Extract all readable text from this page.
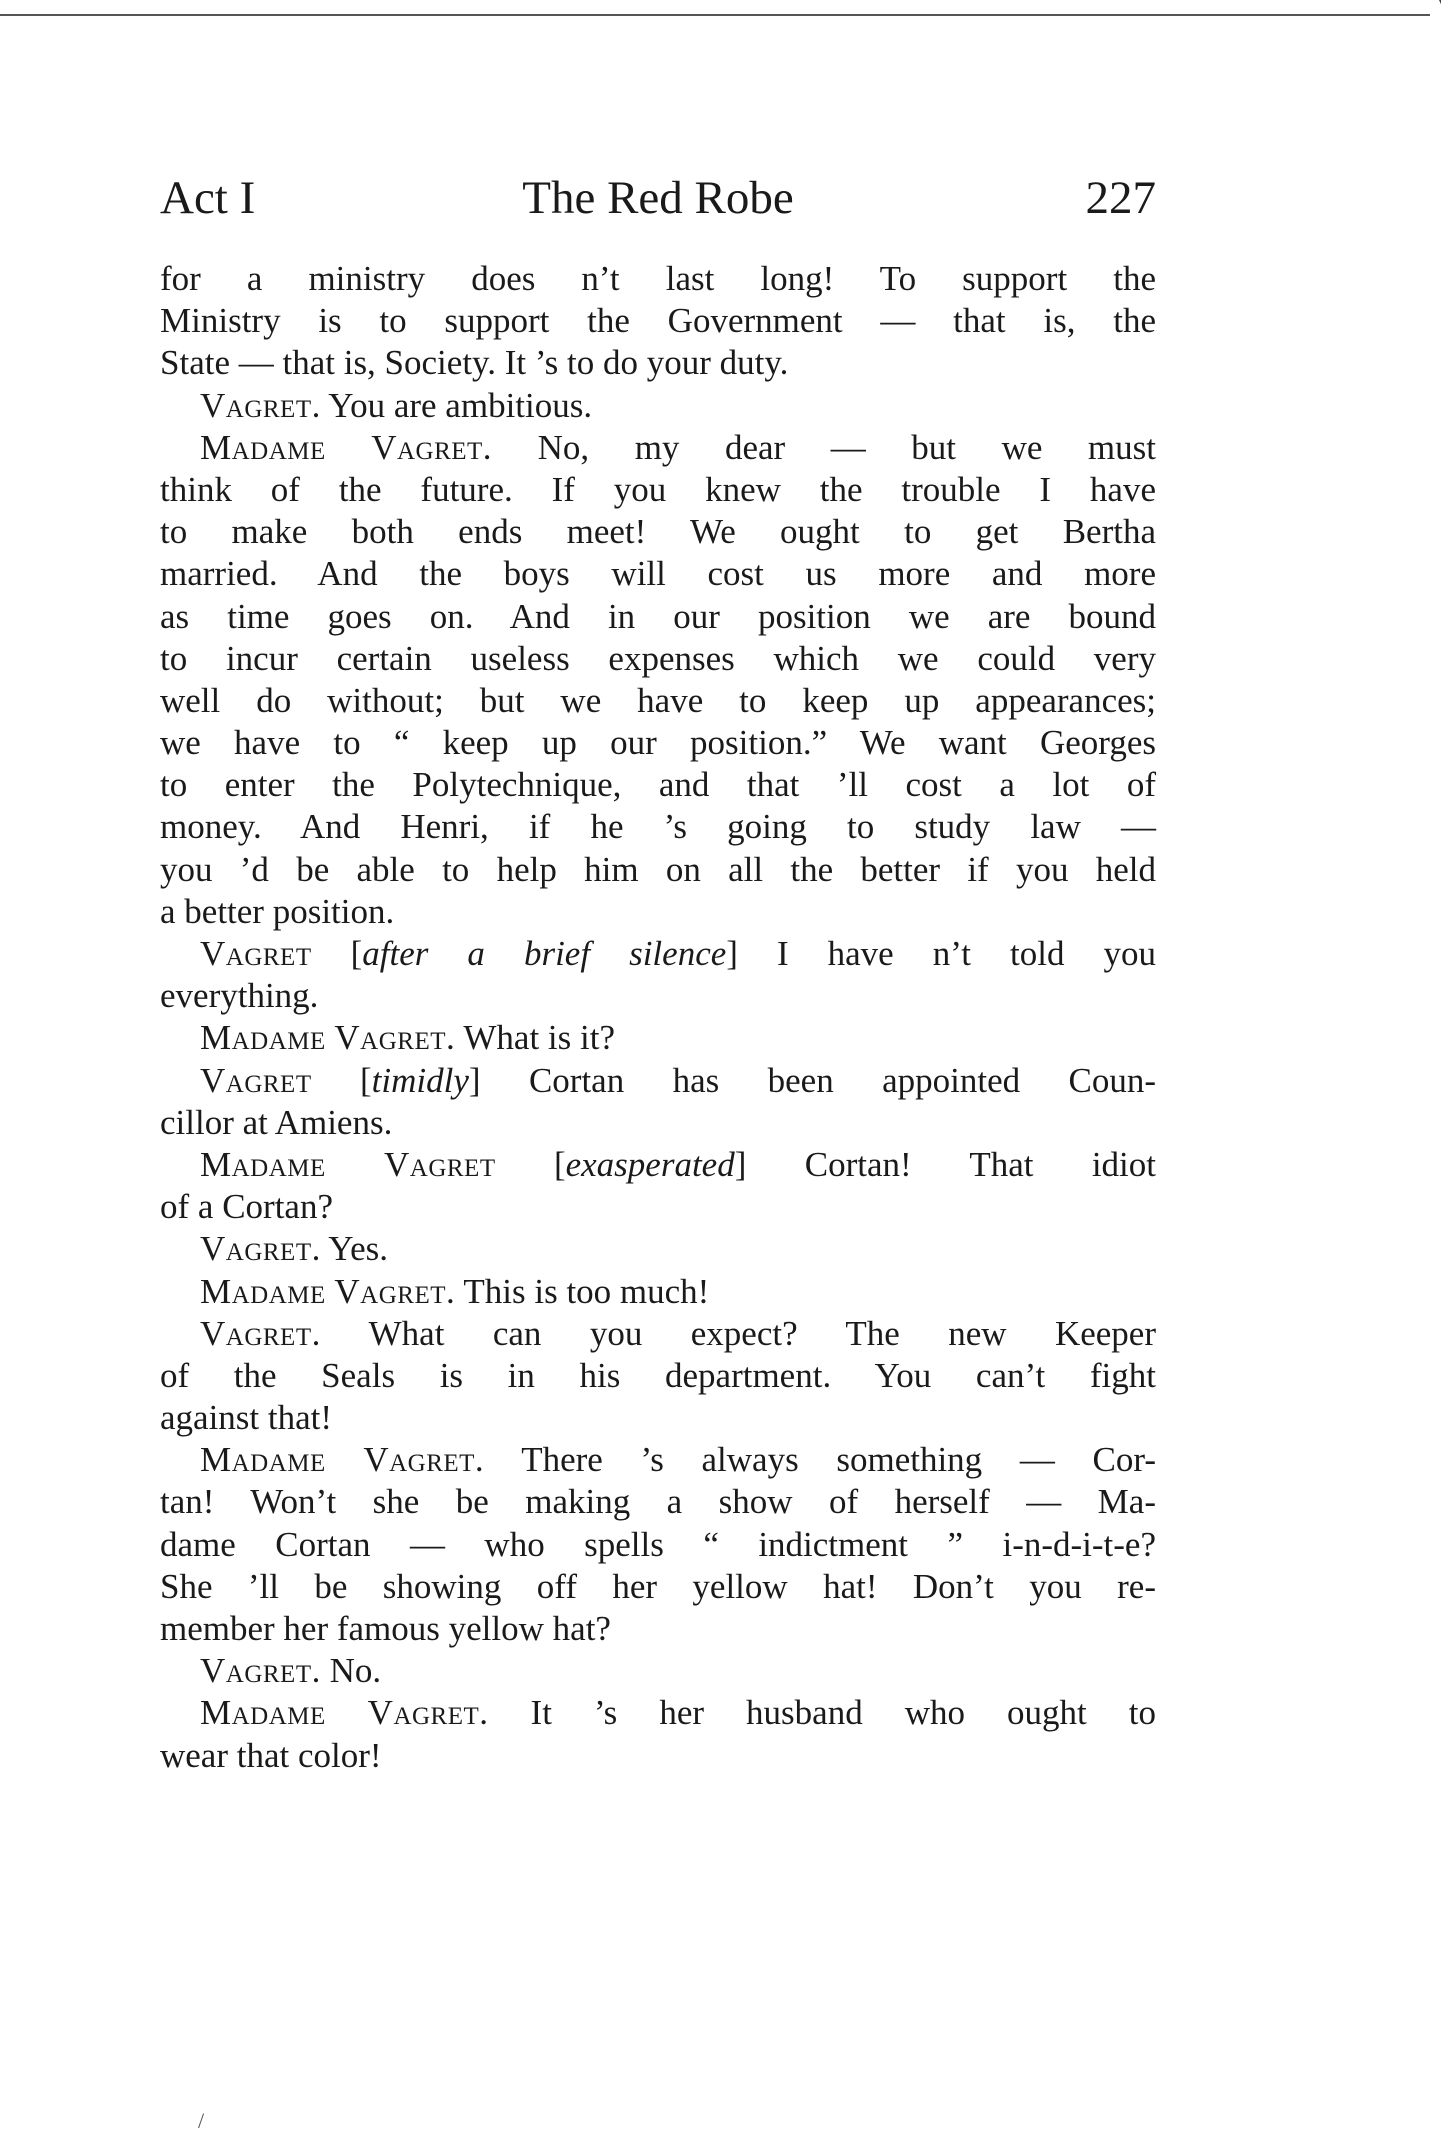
Act I	The Red Robe	227
for a ministry does n’t last long! To support the
Ministry is to support the Government — that is, the
State — that is, Society. It ’s to do your duty.
Vagret. You are ambitious.
Madame Vagret. No, my dear — but we must
think of the future. If you knew the trouble I have
to make both ends meet! We ought to get Bertha
married. And the boys will cost us more and more
as time goes on. And in our position we are bound
to incur certain useless expenses which we could very
well do without; but we have to keep up appearances;
we have to “ keep up our position.” We want Georges
to enter the Polytechnique, and that ’ll cost a lot of
money. And Henri, if he ’s going to study law —
you ’d be able to help him on all the better if you held
a better position.
Vagret [after a brief silence] I have n’t told you
everything.
Madame Vagret. What is it?
Vagret [timidly] Cortan has been appointed Coun-
cillor at Amiens.
Madame Vagret [exasperated] Cortan! That idiot
of a Cortan?
Vagret. Yes.
Madame Vagret. This is too much!
Vagret. What can you expect? The new Keeper
of the Seals is in his department. You can’t fight
against that!
Madame Vagret. There ’s always something — Cor-
tan! Won’t she be making a show of herself — Ma-
dame Cortan — who spells “ indictment ” i-n-d-i-t-e?
She ’ll be showing off her yellow hat! Don’t you re-
member her famous yellow hat?
Vagret. No.
Madame Vagret. It ’s her husband who ought to
wear that color!
/
